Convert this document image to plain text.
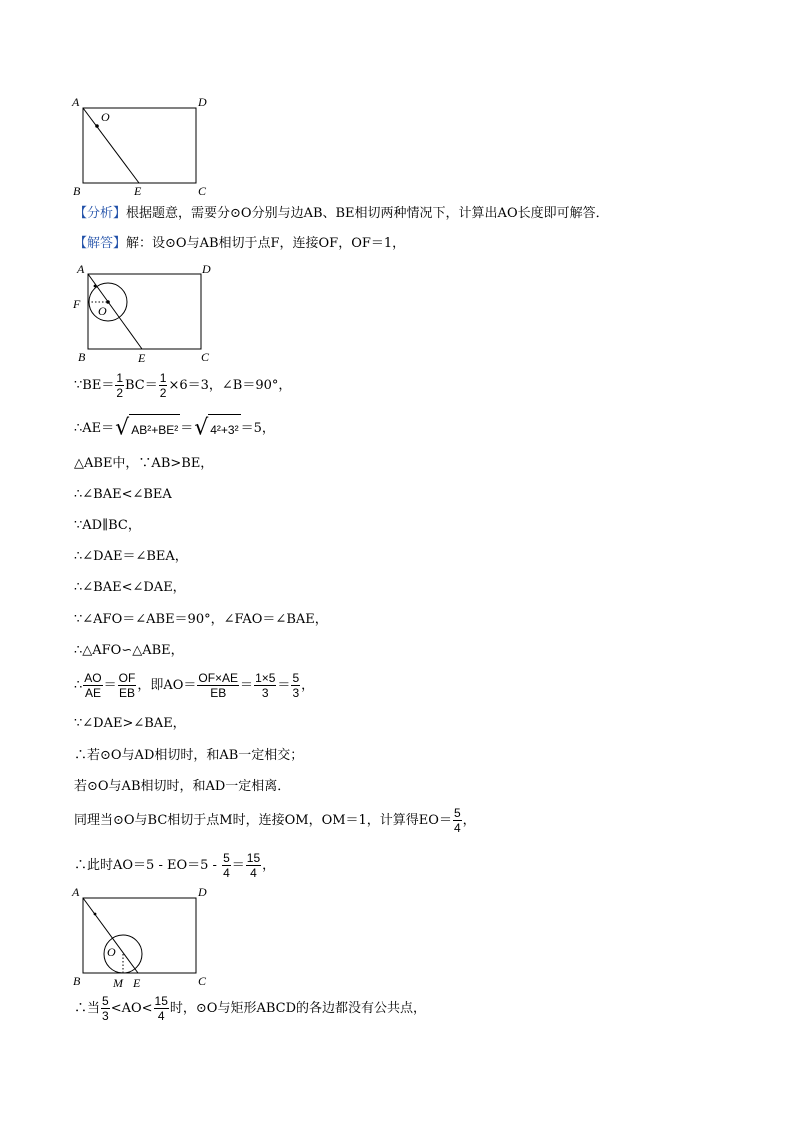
A	D
O
B	E	C
【分析】根据题意，需要分⊙O分别与边AB、BE相切两种情况下，计算出AO长度即可解答．
【解答】解：设⊙O与AB相切于点F，连接OF，OF＝1，
A	D
F O
B	E	C
∵BE＝ $\frac{1}{2} BC= \frac{1}{2} \times 6=3$，∠B＝90°，
∴AE＝√ AB²+BE² ＝√ 4²+3² ＝5，
△ABE中，∵AB>BE，
∴∠BAE<∠BEA
∵AD∥BC，
∴∠DAE＝∠BEA，
∴∠BAE<∠DAE，
∵∠AFO＝∠ABE＝90°，∠FAO＝∠BAE，
∴△AFO∽△ABE，
∴ $\frac{AO}{AE} = \frac{OF}{EB}$ ，即$AO= \frac{OF\times AE}{EB} = \frac{1\times 5}{3} = \frac{5}{3}$ ，
∵∠DAE>∠BAE，
∴若⊙O与AD相切时，和AB一定相交；
若⊙O与AB相切时，和AD一定相离．
同理当⊙O与BC相切于点M时，连接OM，OM＝1，计算得$EO= \frac{5}{4}$ ，
∴此时$AO=5 - EO=5 - \frac{5}{4} = \frac{15}{4}$ ，
A	D
O
B	M E	C
∴当 $\frac{5}{3} <AO< \frac{15}{4}$ 时，⊙O与矩形ABCD的各边都没有公共点，
